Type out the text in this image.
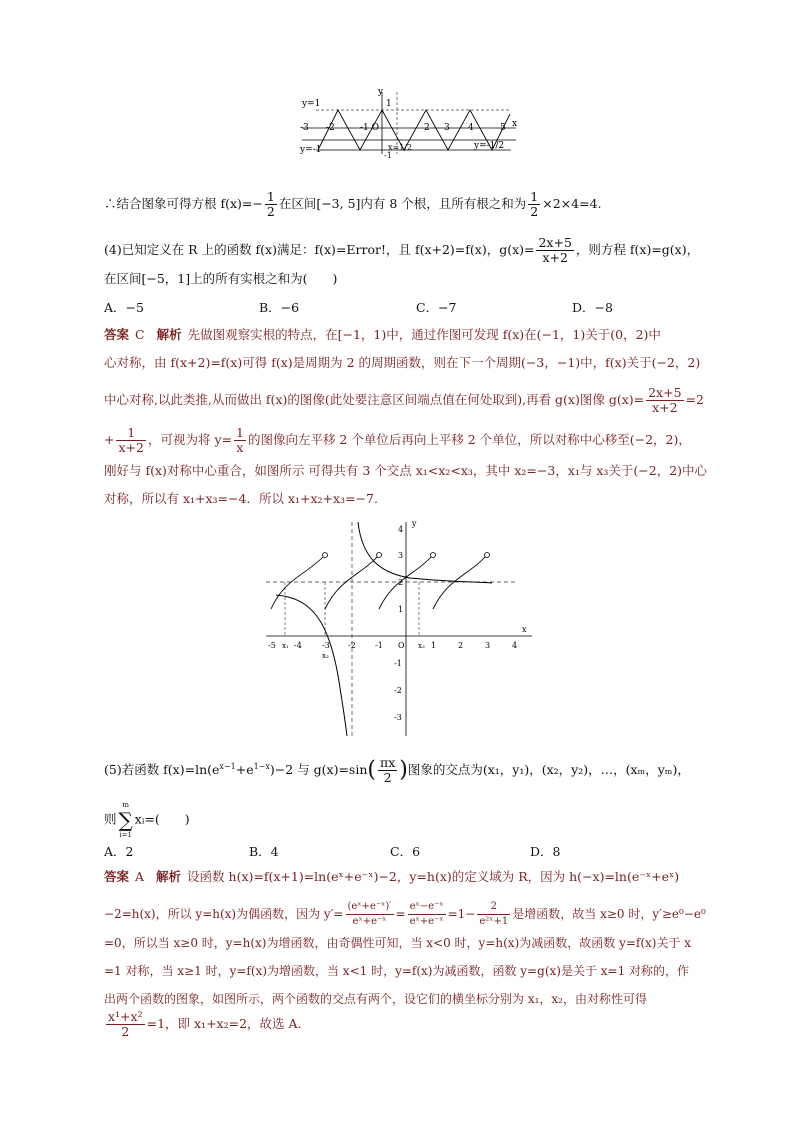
y=1
y=-1	y=-1/2
y
x
1
-3 -2	-1 O	2 3 4	5
x=1/2
-1
∴结合图象可得方根 $f(x)=- \frac{1}{2}$ 在区间[−3, 5]内有 8 个根，且所有根之和为 $\frac{1}{2} \times 2\times 4=4$.
(4)已知定义在 R 上的函数 f(x)满足：f(x)=Error!，且 f(x+2)=f(x)，$g(x)= \frac{2x+5}{x+2}$ ，则方程 f(x)=g(x)，
在区间[−5，1]上的所有实根之和为(　　)
A．−5	B．−6	C．−7	D．−8
答案 C 解析 先做图观察实根的特点，在[−1，1)中，通过作图可发现 f(x)在(−1，1)关于(0，2)中
心对称，由 f(x+2)=f(x)可得 f(x)是周期为 2 的周期函数，则在下一个周期(−3，−1)中，f(x)关于(−2，2)
中心对称,以此类推,从而做出 f(x)的图像(此处要注意区间端点值在何处取到),再看 g(x)图像 $g(x)= \frac{2x+5}{x+2} =2$
+ $\frac{1}{x+2}$ ，可视为将 $y= \frac{1}{x}$ 的图像向左平移 2 个单位后再向上平移 2 个单位，所以对称中心移至(−2，2)，
刚好与 f(x)对称中心重合，如图所示 可得共有 3 个交点 x₁<x₂<x₃，其中 x₂=−3，x₁与 x₃关于(−2，2)中心
对称，所以有 x₁+x₃=−4．所以 x₁+x₂+x₃=−7.
-5 -4	-3 -2 -1 O	1	2	3	4
x
y
4
3
2
1
-1
-2
-3
x₁
x₂
x₃
(5)若函数 $f(x)=\ln(e^{x-1}+e^{1-x})-2$ 与 $g(x)=\sin( \frac{\pi x}{2}$ )图象的交点为(x₁，y₁)，(x₂，y₂)，…，(xₘ，yₘ)，
则
m
∑
i=1
xᵢ=(　　)
A．2	B．4	C．6	D．8
答案 A 解析 设函数 h(x)=f(x+1)=ln(eˣ+e⁻ˣ)−2，y=h(x)的定义域为 R，因为 h(−x)=ln(e⁻ˣ+eˣ)
−2=h(x)，所以 y=h(x)为偶函数，因为 $y'= \frac{\text{(eˣ+e⁻ˣ)′}}{\text{eˣ+e⁻ˣ}} = \frac{\text{eˣ−e⁻ˣ}}{\text{eˣ+e⁻ˣ}} =1- \frac{2}{\text{e²ˣ+1}}$ 是增函数，故当 x≥0 时，y′≥e⁰−e⁰
=0，所以当 x≥0 时，y=h(x)为增函数，由奇偶性可知，当 x<0 时，y=h(x)为减函数，故函数 y=f(x)关于 x
=1 对称，当 x≥1 时，y=f(x)为增函数，当 x<1 时，y=f(x)为减函数，函数 y=g(x)是关于 x=1 对称的，作
出两个函数的图象，如图所示，两个函数的交点有两个，设它们的横坐标分别为 x₁，x₂，由对称性可得
$\frac{\text{x¹+x²}}{2} =1$，即 x₁+x₂=2，故选 A.
